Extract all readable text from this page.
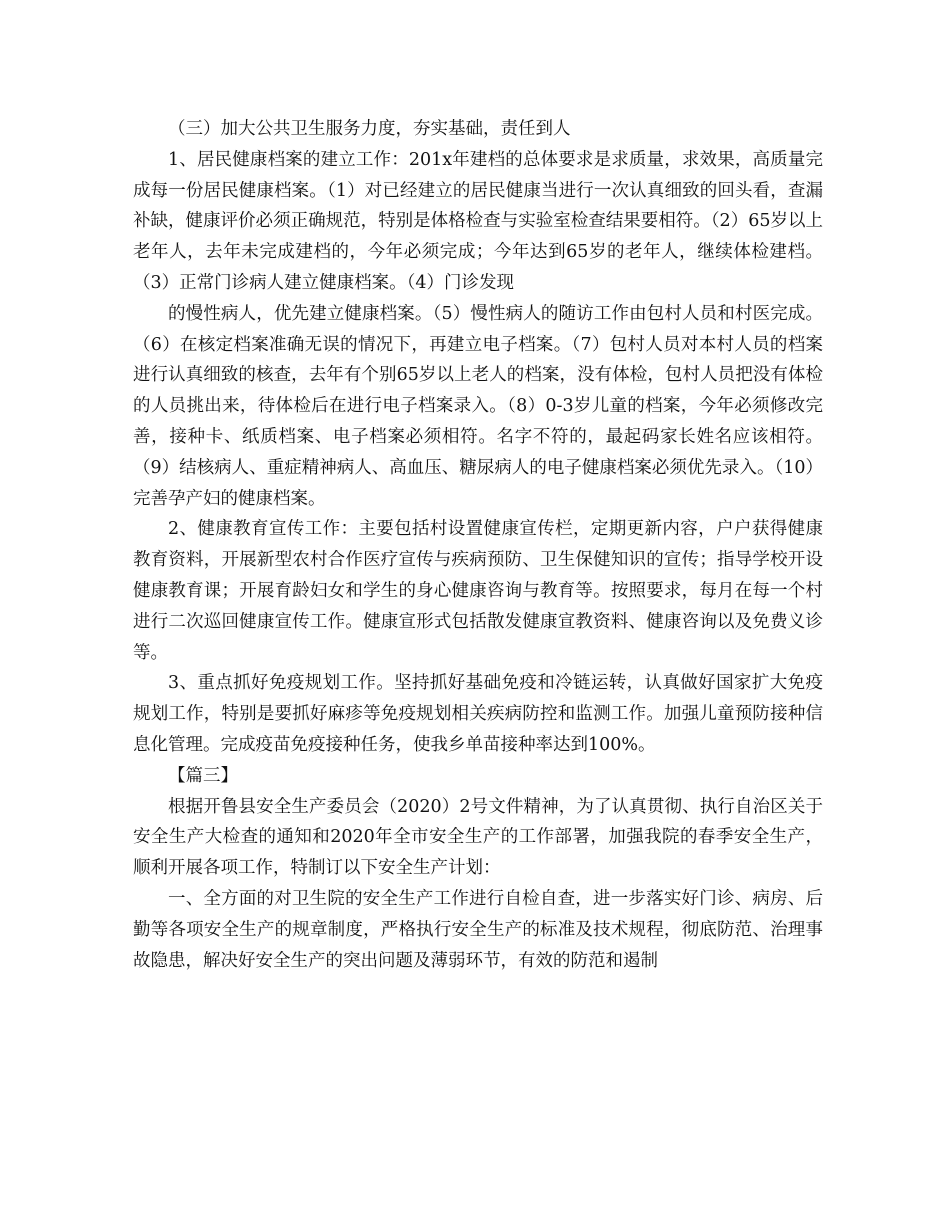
（三）加大公共卫生服务力度，夯实基础，责任到人

1、居民健康档案的建立工作：201x年建档的总体要求是求质量，求效果，高质量完成每一份居民健康档案。（1）对已经建立的居民健康当进行一次认真细致的回头看，查漏补缺，健康评价必须正确规范，特别是体格检查与实验室检查结果要相符。（2）65岁以上老年人，去年未完成建档的，今年必须完成；今年达到65岁的老年人，继续体检建档。（3）正常门诊病人建立健康档案。（4）门诊发现

的慢性病人，优先建立健康档案。（5）慢性病人的随访工作由包村人员和村医完成。（6）在核定档案准确无误的情况下，再建立电子档案。（7）包村人员对本村人员的档案进行认真细致的核查，去年有个别65岁以上老人的档案，没有体检，包村人员把没有体检的人员挑出来，待体检后在进行电子档案录入。（8）0-3岁儿童的档案，今年必须修改完善，接种卡、纸质档案、电子档案必须相符。名字不符的，最起码家长姓名应该相符。（9）结核病人、重症精神病人、高血压、糖尿病人的电子健康档案必须优先录入。（10）完善孕产妇的健康档案。

2、健康教育宣传工作：主要包括村设置健康宣传栏，定期更新内容，户户获得健康教育资料，开展新型农村合作医疗宣传与疾病预防、卫生保健知识的宣传；指导学校开设健康教育课；开展育龄妇女和学生的身心健康咨询与教育等。按照要求，每月在每一个村进行二次巡回健康宣传工作。健康宣形式包括散发健康宣教资料、健康咨询以及免费义诊等。

3、重点抓好免疫规划工作。坚持抓好基础免疫和冷链运转，认真做好国家扩大免疫规划工作，特别是要抓好麻疹等免疫规划相关疾病防控和监测工作。加强儿童预防接种信息化管理。完成疫苗免疫接种任务，使我乡单苗接种率达到100%。

【篇三】

根据开鲁县安全生产委员会（2020）2号文件精神，为了认真贯彻、执行自治区关于安全生产大检查的通知和2020年全市安全生产的工作部署，加强我院的春季安全生产，顺利开展各项工作，特制订以下安全生产计划：

一、全方面的对卫生院的安全生产工作进行自检自查，进一步落实好门诊、病房、后勤等各项安全生产的规章制度，严格执行安全生产的标准及技术规程，彻底防范、治理事故隐患，解决好安全生产的突出问题及薄弱环节，有效的防范和遏制
